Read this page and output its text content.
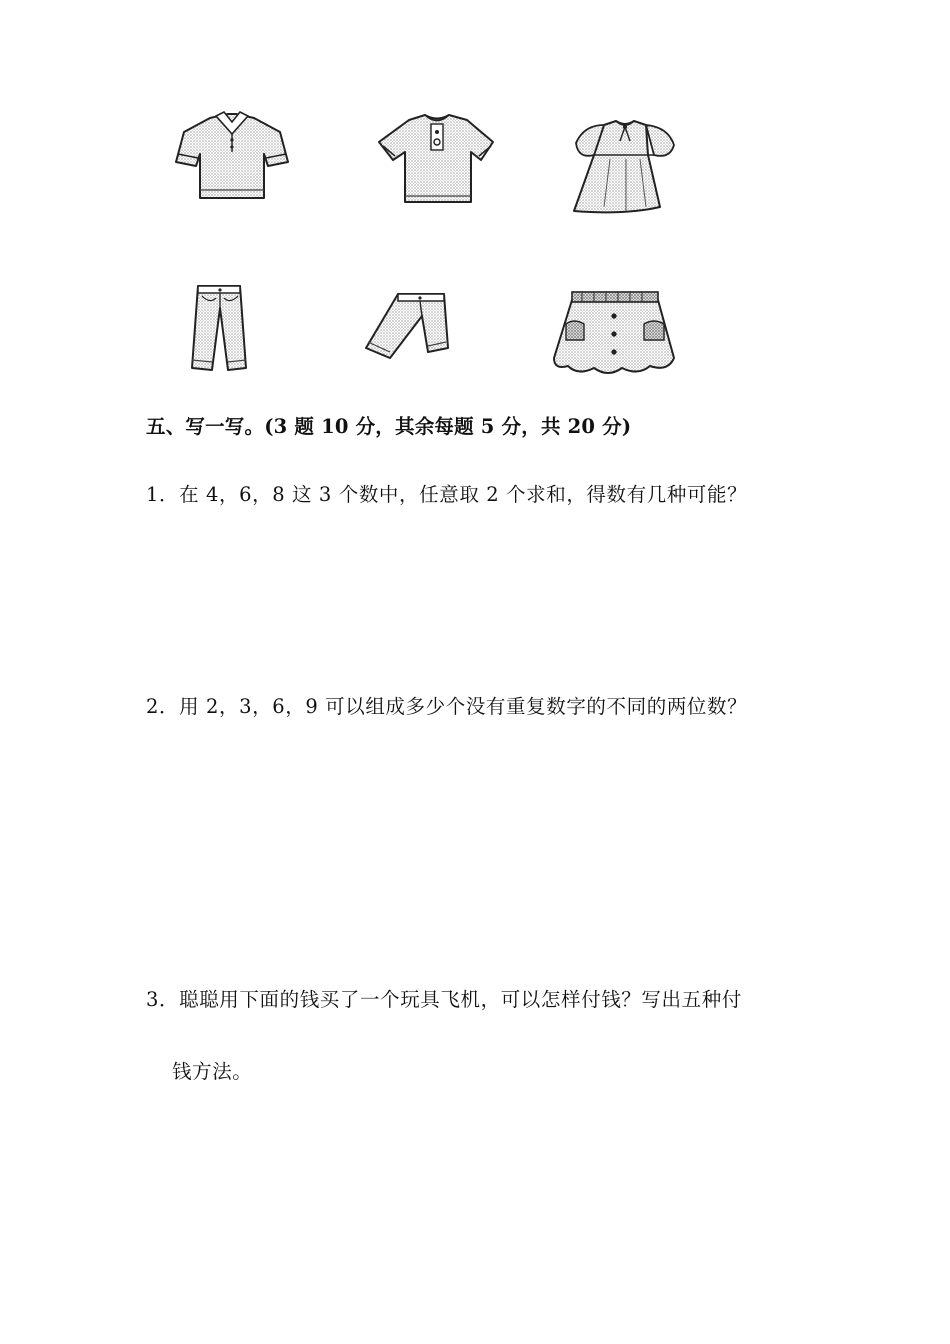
五、写一写。(3 题 10 分，其余每题 5 分，共 20 分)
1．在 4，6，8 这 3 个数中，任意取 2 个求和，得数有几种可能？
2．用 2，3，6，9 可以组成多少个没有重复数字的不同的两位数？
3．聪聪用下面的钱买了一个玩具飞机，可以怎样付钱？写出五种付
钱方法。
